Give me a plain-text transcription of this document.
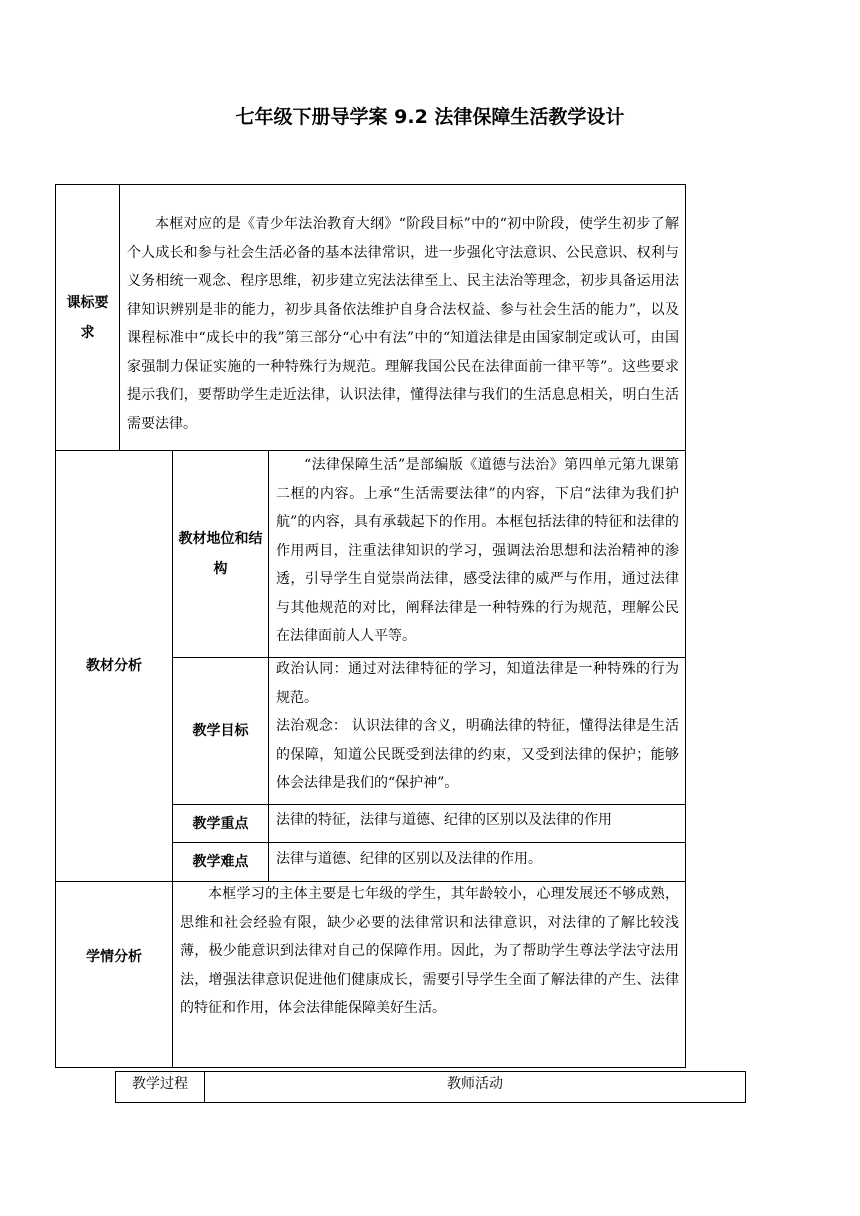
七年级下册导学案 9.2 法律保障生活教学设计
课标要求

本框对应的是《青少年法治教育大纲》“阶段目标”中的“初中阶段，使学生初步了解个人成长和参与社会生活必备的基本法律常识，进一步强化守法意识、公民意识、权利与义务相统一观念、程序思维，初步建立宪法法律至上、民主法治等理念，初步具备运用法律知识辨别是非的能力，初步具备依法维护自身合法权益、参与社会生活的能力”，以及课程标准中“成长中的我”第三部分“心中有法”中的“知道法律是由国家制定或认可，由国家强制力保证实施的一种特殊行为规范。理解我国公民在法律面前一律平等”。这些要求提示我们，要帮助学生走近法律，认识法律，懂得法律与我们的生活息息相关，明白生活需要法律。

教材分析
教材地位和结构

“法律保障生活”是部编版《道德与法治》第四单元第九课第二框的内容。上承“生活需要法律”的内容，下启“法律为我们护航”的内容，具有承载起下的作用。本框包括法律的特征和法律的作用两目，注重法律知识的学习，强调法治思想和法治精神的渗透，引导学生自觉崇尚法律，感受法律的威严与作用，通过法律与其他规范的对比，阐释法律是一种特殊的行为规范，理解公民在法律面前人人平等。

教学目标

政治认同：通过对法律特征的学习，知道法律是一种特殊的行为规范。

法治观念： 认识法律的含义，明确法律的特征，懂得法律是生活的保障，知道公民既受到法律的约束，又受到法律的保护；能够体会法律是我们的“保护神”。

教学重点 法律的特征，法律与道德、纪律的区别以及法律的作用

教学难点 法律与道德、纪律的区别以及法律的作用。

学情分析

本框学习的主体主要是七年级的学生，其年龄较小，心理发展还不够成熟，思维和社会经验有限，缺少必要的法律常识和法律意识，对法律的了解比较浅薄，极少能意识到法律对自己的保障作用。因此，为了帮助学生尊法学法守法用法，增强法律意识促进他们健康成长，需要引导学生全面了解法律的产生、法律的特征和作用，体会法律能保障美好生活。

教学过程	教师活动
